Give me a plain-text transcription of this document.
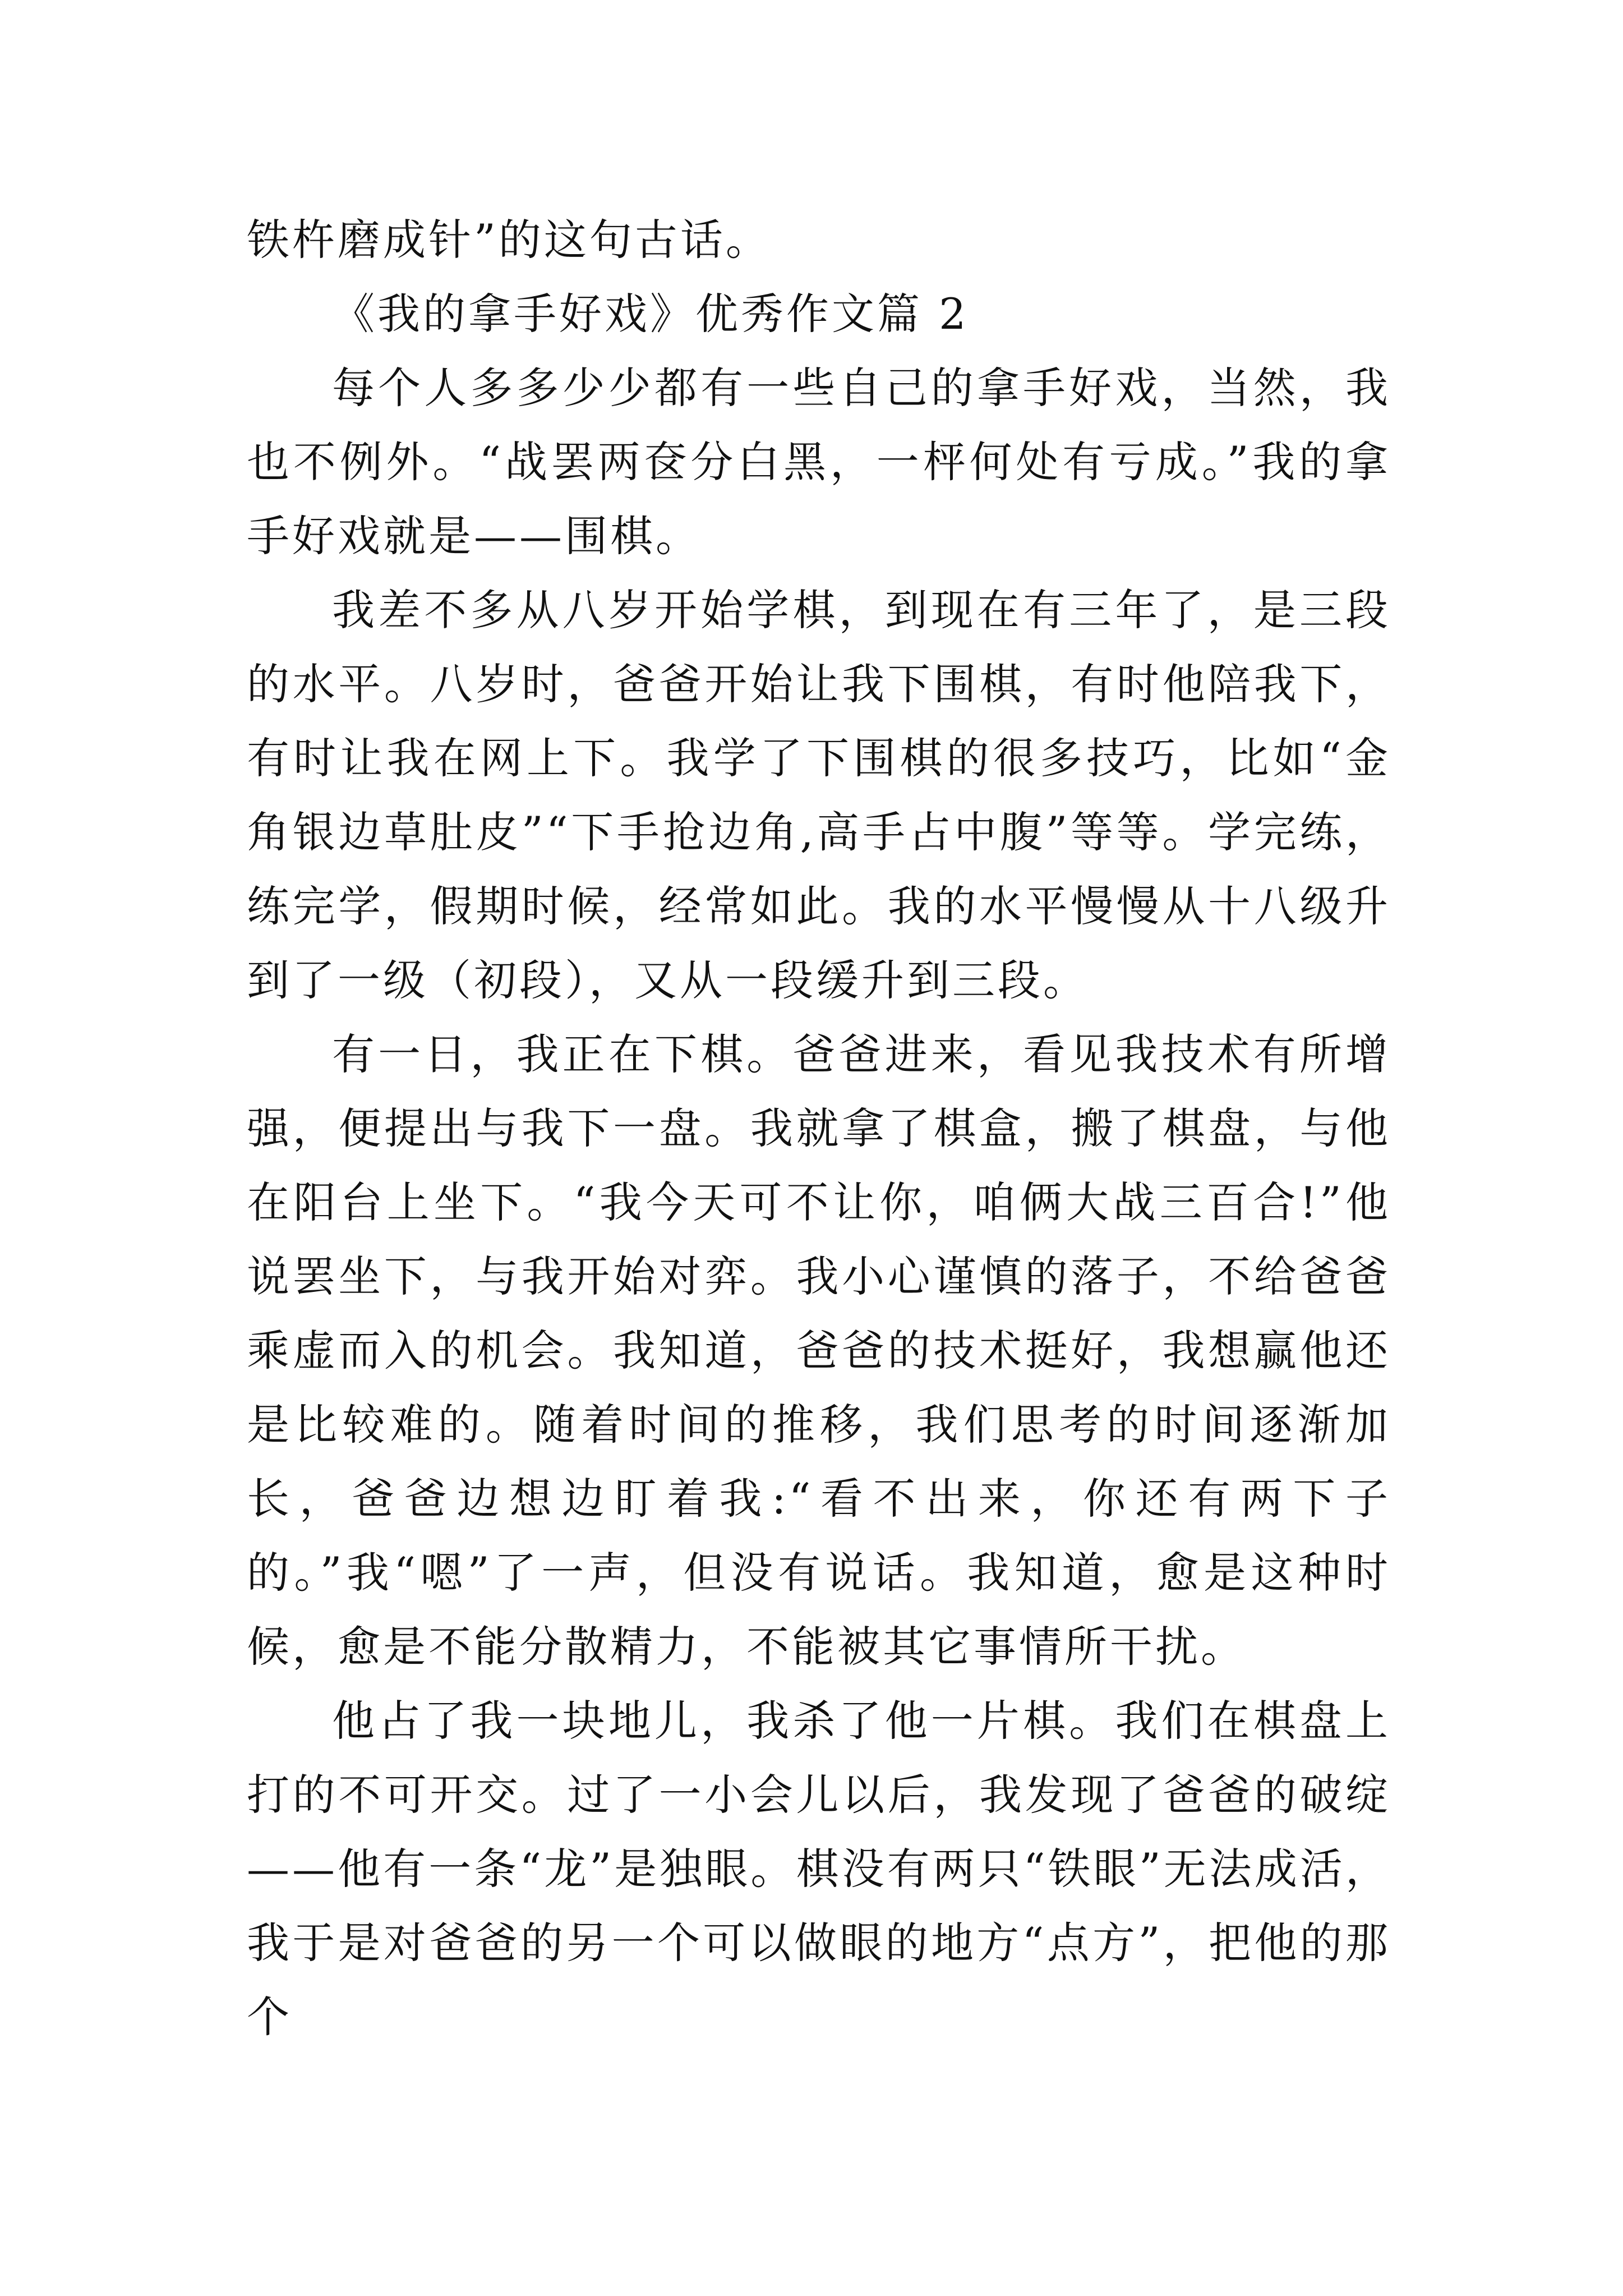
铁杵磨成针”的这句古话。

《我的拿手好戏》优秀作文篇 2

每个人多多少少都有一些自己的拿手好戏，当然，我也不例外。“战罢两奁分白黑，一枰何处有亏成。”我的拿手好戏就是——围棋。

我差不多从八岁开始学棋，到现在有三年了，是三段的水平。八岁时，爸爸开始让我下围棋，有时他陪我下，有时让我在网上下。我学了下围棋的很多技巧，比如“金角银边草肚皮”“下手抢边角,高手占中腹”等等。学完练，练完学，假期时候，经常如此。我的水平慢慢从十八级升到了一级（初段），又从一段缓升到三段。

有一日，我正在下棋。爸爸进来，看见我技术有所增强，便提出与我下一盘。我就拿了棋盒，搬了棋盘，与他在阳台上坐下。“我今天可不让你，咱俩大战三百合!”他说罢坐下，与我开始对弈。我小心谨慎的落子，不给爸爸乘虚而入的机会。我知道，爸爸的技术挺好，我想赢他还是比较难的。随着时间的推移，我们思考的时间逐渐加长，爸爸边想边盯着我:“看不出来，你还有两下子的。”我“嗯”了一声，但没有说话。我知道，愈是这种时候，愈是不能分散精力，不能被其它事情所干扰。

他占了我一块地儿，我杀了他一片棋。我们在棋盘上打的不可开交。过了一小会儿以后，我发现了爸爸的破绽——他有一条“龙”是独眼。棋没有两只“铁眼”无法成活，我于是对爸爸的另一个可以做眼的地方“点方”，把他的那个
